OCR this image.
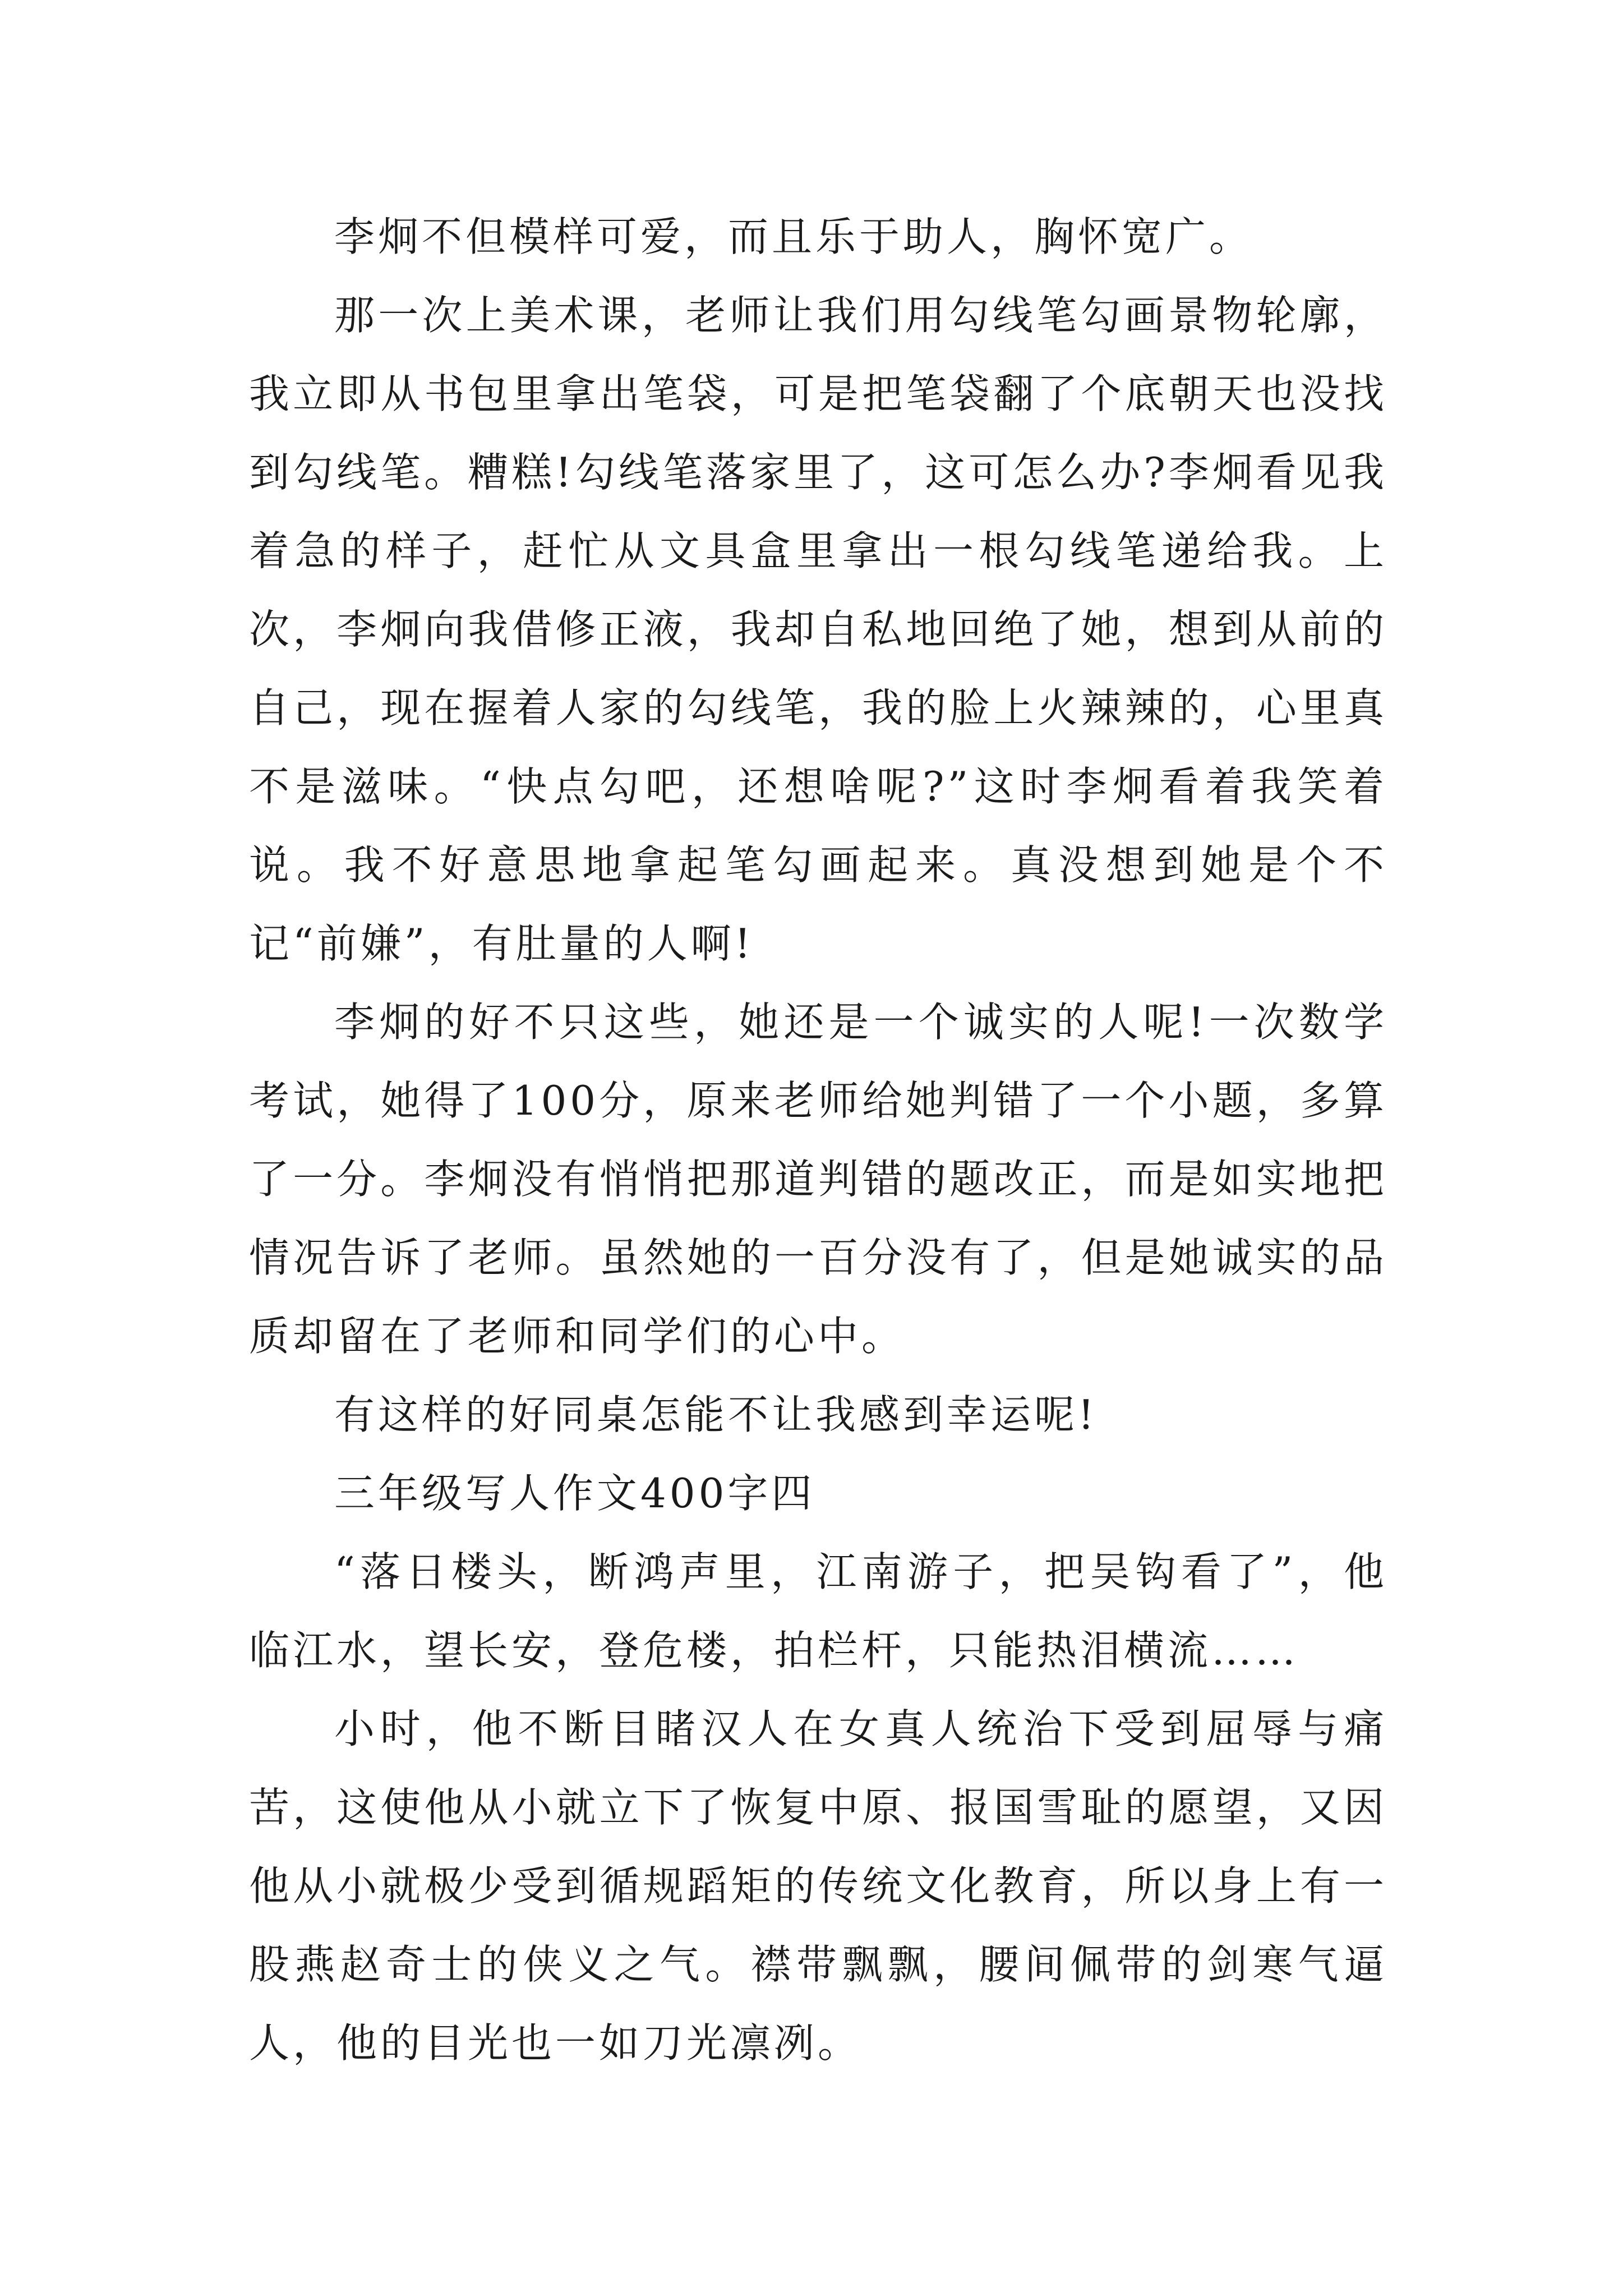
李炯不但模样可爱，而且乐于助人，胸怀宽广。

那一次上美术课，老师让我们用勾线笔勾画景物轮廓，我立即从书包里拿出笔袋，可是把笔袋翻了个底朝天也没找到勾线笔。糟糕!勾线笔落家里了，这可怎么办?李炯看见我着急的样子，赶忙从文具盒里拿出一根勾线笔递给我。上次，李炯向我借修正液，我却自私地回绝了她，想到从前的自己，现在握着人家的勾线笔，我的脸上火辣辣的，心里真不是滋味。“快点勾吧，还想啥呢?”这时李炯看着我笑着说。我不好意思地拿起笔勾画起来。真没想到她是个不记“前嫌”，有肚量的人啊!

李炯的好不只这些，她还是一个诚实的人呢!一次数学考试，她得了100分，原来老师给她判错了一个小题，多算了一分。李炯没有悄悄把那道判错的题改正，而是如实地把情况告诉了老师。虽然她的一百分没有了，但是她诚实的品质却留在了老师和同学们的心中。

有这样的好同桌怎能不让我感到幸运呢!

三年级写人作文400字四

“落日楼头，断鸿声里，江南游子，把吴钩看了”，他临江水，望长安，登危楼，拍栏杆，只能热泪横流……

小时，他不断目睹汉人在女真人统治下受到屈辱与痛苦，这使他从小就立下了恢复中原、报国雪耻的愿望，又因他从小就极少受到循规蹈矩的传统文化教育，所以身上有一股燕赵奇士的侠义之气。襟带飘飘，腰间佩带的剑寒气逼人，他的目光也一如刀光凛冽。
